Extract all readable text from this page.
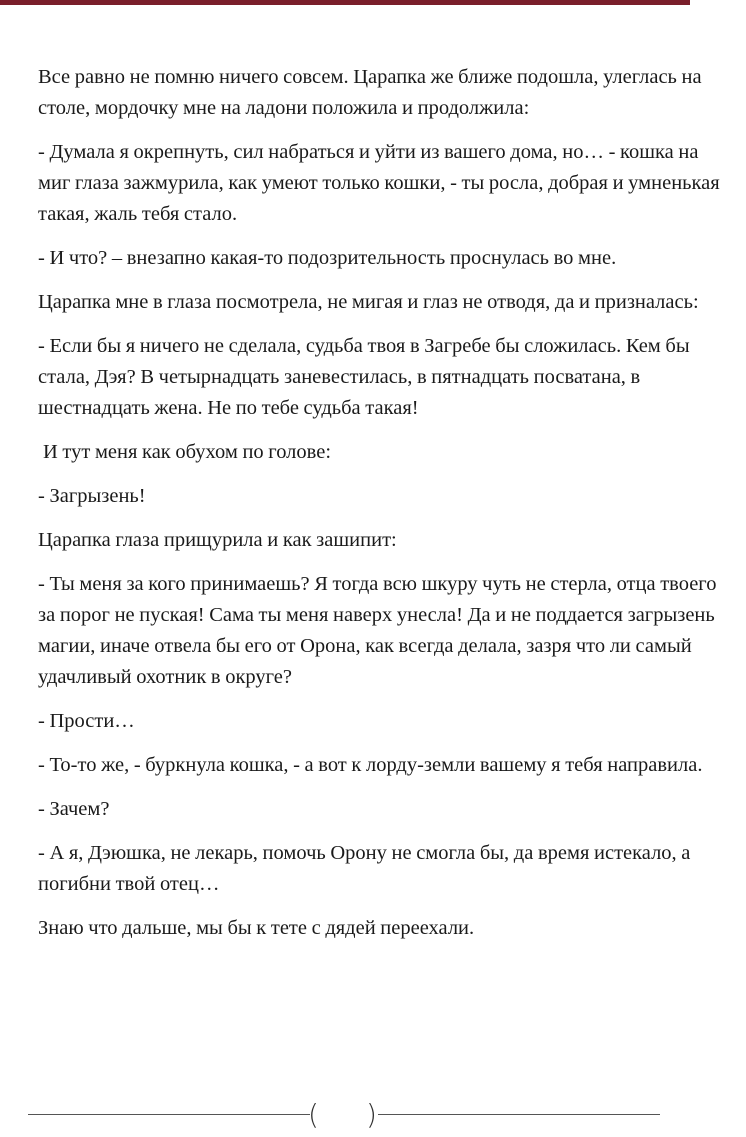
Все равно не помню ничего совсем. Царапка же ближе подошла, улеглась на столе, мордочку мне на ладони положила и продолжила:

- Думала я окрепнуть, сил набраться и уйти из вашего дома, но… - кошка на миг глаза зажмурила, как умеют только кошки, - ты росла, добрая и умненькая такая, жаль тебя стало.

- И что? – внезапно какая-то подозрительность проснулась во мне.

Царапка мне в глаза посмотрела, не мигая и глаз не отводя, да и призналась:

- Если бы я ничего не сделала, судьба твоя в Загребе бы сложилась. Кем бы стала, Дэя? В четырнадцать заневестилась, в пятнадцать посватана, в шестнадцать жена. Не по тебе судьба такая!

И тут меня как обухом по голове:

- Загрызень!

Царапка глаза прищурила и как зашипит:

- Ты меня за кого принимаешь? Я тогда всю шкуру чуть не стерла, отца твоего за порог не пуская! Сама ты меня наверх унесла! Да и не поддается загрызень магии, иначе отвела бы его от Орона, как всегда делала, зазря что ли самый удачливый охотник в округе?

- Прости…

- То-то же, - буркнула кошка, - а вот к лорду-земли вашему я тебя направила.

- Зачем?

- А я, Дэюшка, не лекарь, помочь Орону не смогла бы, да время истекало, а погибни твой отец…

Знаю что дальше, мы бы к тете с дядей переехали.

( )
